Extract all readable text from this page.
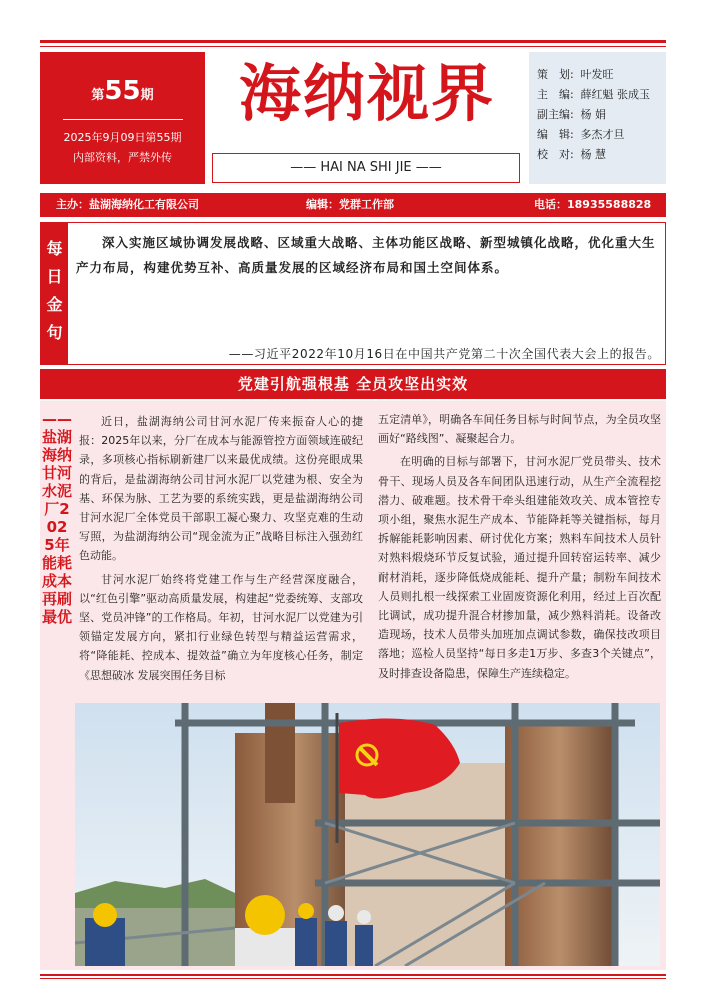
第55期
2025年9月09日第55期
内部资料，严禁外传
海纳视界
—— HAI NA SHI JIE ——
策　划: 叶发旺
主　编: 薛红魁 张成玉
副主编: 杨 娟
编　辑: 多杰才旦
校　对: 杨 慧
主办：盐湖海纳化工有限公司	编辑：党群工作部	电话：18935588828
每日金句
深入实施区域协调发展战略、区域重大战略、主体功能区战略、新型城镇化战略，优化重大生产力布局，构建优势互补、高质量发展的区域经济布局和国土空间体系。
——习近平2022年10月16日在中国共产党第二十次全国代表大会上的报告。
党建引航强根基 全员攻坚出实效
——盐湖海纳甘河水泥厂2025年能耗成本再刷最优

近日，盐湖海纳公司甘河水泥厂传来振奋人心的捷报：2025年以来，分厂在成本与能源管控方面领域连破纪录，多项核心指标刷新建厂以来最优成绩。这份亮眼成果的背后，是盐湖海纳公司甘河水泥厂以党建为根、安全为基、环保为脉、工艺为要的系统实践，更是盐湖海纳公司甘河水泥厂全体党员干部职工凝心聚力、攻坚克难的生动写照，为盐湖海纳公司“现金流为正”战略目标注入强劲红色动能。

甘河水泥厂始终将党建工作与生产经营深度融合，以“红色引擎”驱动高质量发展，构建起“党委统筹、支部攻坚、党员冲锋”的工作格局。年初，甘河水泥厂以党建为引领锚定发展方向，紧扣行业绿色转型与精益运营需求，将“降能耗、控成本、提效益”确立为年度核心任务，制定《思想破冰 发展突围任务目标

五定清单》，明确各车间任务目标与时间节点，为全员攻坚画好“路线图”、凝聚起合力。

在明确的目标与部署下，甘河水泥厂党员带头、技术骨干、现场人员及各车间团队迅速行动，从生产全流程挖潜力、破难题。技术骨干牵头组建能效攻关、成本管控专项小组，聚焦水泥生产成本、节能降耗等关键指标，每月拆解能耗影响因素、研讨优化方案；熟料车间技术人员针对熟料煅烧环节反复试验，通过提升回转窑运转率、减少耐材消耗，逐步降低烧成能耗、提升产量；制粉车间技术人员则扎根一线探索工业固废资源化利用，经过上百次配比调试，成功提升混合材掺加量，减少熟料消耗。设备改造现场，技术人员带头加班加点调试参数，确保技改项目落地；巡检人员坚持“每日多走1万步、多查3个关键点”，及时排查设备隐患，保障生产连续稳定。
